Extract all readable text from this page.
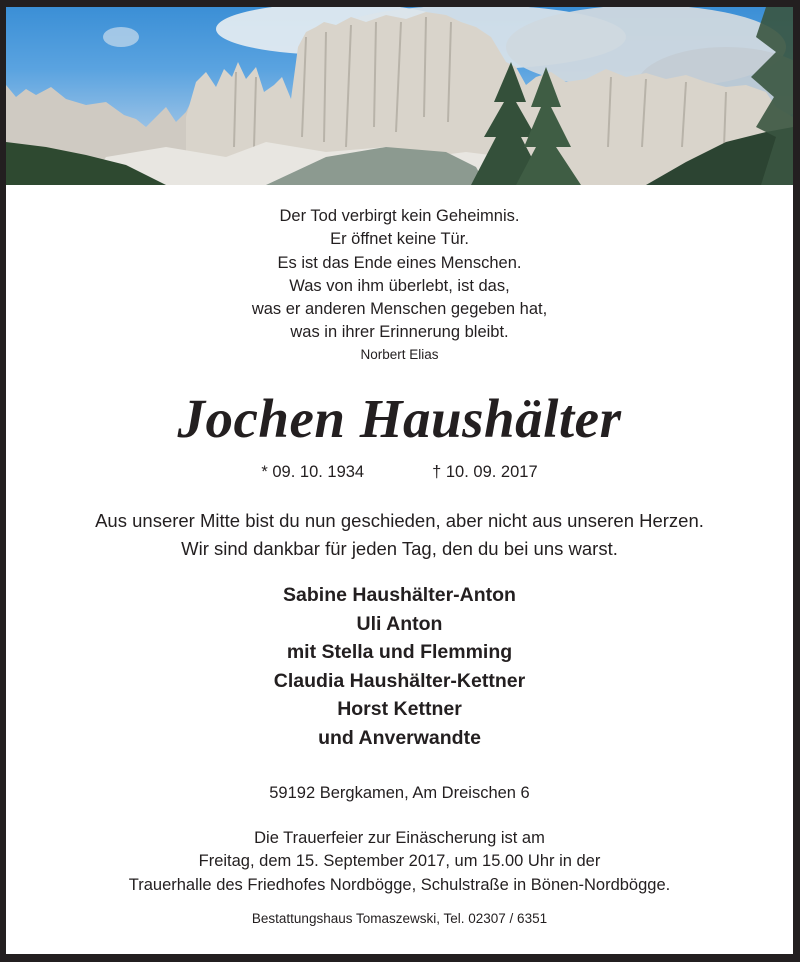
Der Tod verbirgt kein Geheimnis.
Er öffnet keine Tür.
Es ist das Ende eines Menschen.
Was von ihm überlebt, ist das,
was er anderen Menschen gegeben hat,
was in ihrer Erinnerung bleibt.
Norbert Elias
Jochen Haushälter
* 09. 10. 1934	† 10. 09. 2017
Aus unserer Mitte bist du nun geschieden, aber nicht aus unseren Herzen.
Wir sind dankbar für jeden Tag, den du bei uns warst.
Sabine Haushälter-Anton
Uli Anton
mit Stella und Flemming
Claudia Haushälter-Kettner
Horst Kettner
und Anverwandte
59192 Bergkamen, Am Dreischen 6
Die Trauerfeier zur Einäscherung ist am
Freitag, dem 15. September 2017, um 15.00 Uhr in der
Trauerhalle des Friedhofes Nordbögge, Schulstraße in Bönen-Nordbögge.
Bestattungshaus Tomaszewski, Tel. 02307 / 6351
